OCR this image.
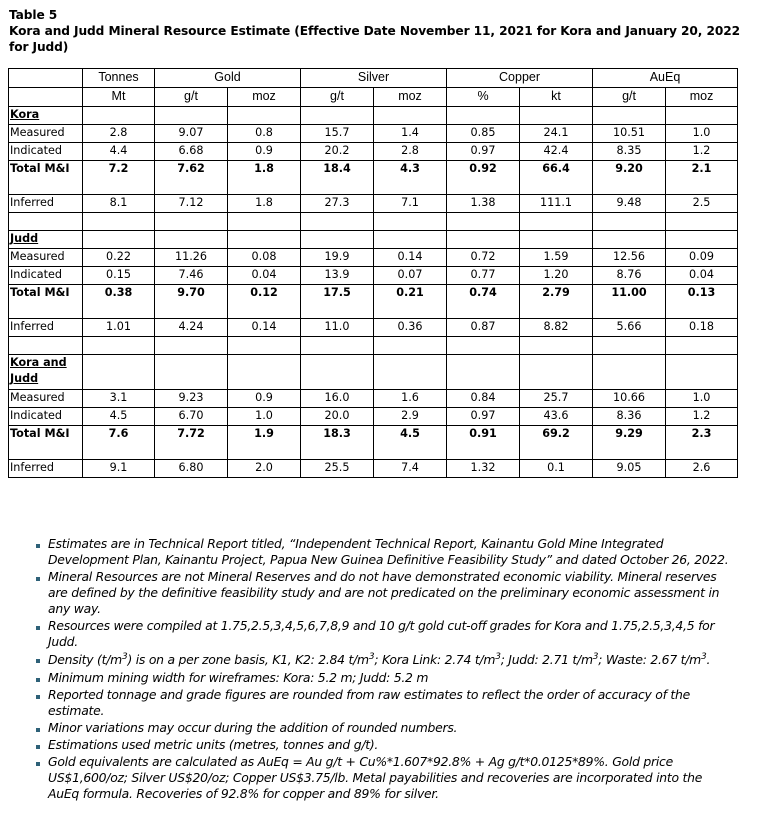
Table 5
Kora and Judd Mineral Resource Estimate (Effective Date November 11, 2021 for Kora and January 20, 2022 for Judd)
	Tonnes	Gold		Silver		Copper		AuEq	
	Mt	g/t	moz	g/t	moz	%	kt	g/t	moz
Kora									
Measured	2.8	9.07	0.8	15.7	1.4	0.85	24.1	10.51	1.0
Indicated	4.4	6.68	0.9	20.2	2.8	0.97	42.4	8.35	1.2
Total M&I	7.2	7.62	1.8	18.4	4.3	0.92	66.4	9.20	2.1
Inferred	8.1	7.12	1.8	27.3	7.1	1.38	111.1	9.48	2.5

Judd									
Measured	0.22	11.26	0.08	19.9	0.14	0.72	1.59	12.56	0.09
Indicated	0.15	7.46	0.04	13.9	0.07	0.77	1.20	8.76	0.04
Total M&I	0.38	9.70	0.12	17.5	0.21	0.74	2.79	11.00	0.13
Inferred	1.01	4.24	0.14	11.0	0.36	0.87	8.82	5.66	0.18

Kora and Judd									
Measured	3.1	9.23	0.9	16.0	1.6	0.84	25.7	10.66	1.0
Indicated	4.5	6.70	1.0	20.0	2.9	0.97	43.6	8.36	1.2
Total M&I	7.6	7.72	1.9	18.3	4.5	0.91	69.2	9.29	2.3
Inferred	9.1	6.80	2.0	25.5	7.4	1.32	0.1	9.05	2.6
Estimates are in Technical Report titled, “Independent Technical Report, Kainantu Gold Mine Integrated Development Plan, Kainantu Project, Papua New Guinea Definitive Feasibility Study” and dated October 26, 2022.
Mineral Resources are not Mineral Reserves and do not have demonstrated economic viability. Mineral reserves are defined by the definitive feasibility study and are not predicated on the preliminary economic assessment in any way.
Resources were compiled at 1.75,2.5,3,4,5,6,7,8,9 and 10 g/t gold cut-off grades for Kora and 1.75,2.5,3,4,5 for Judd.
Density $(t/m^3)$ is on a per zone basis, K1, K2: 2.84 $t/m^3$; Kora Link: 2.74 $t/m^3$; Judd: 2.71 $t/m^3$; Waste: 2.67 $t/m^3$.
Minimum mining width for wireframes: Kora: 5.2 m; Judd: 5.2 m
Reported tonnage and grade figures are rounded from raw estimates to reflect the order of accuracy of the estimate.
Minor variations may occur during the addition of rounded numbers.
Estimations used metric units (metres, tonnes and g/t).
Gold equivalents are calculated as AuEq = Au g/t + Cu%*1.607*92.8% + Ag g/t*0.0125*89%. Gold price US$1,600/oz; Silver US$20/oz; Copper US$3.75/lb. Metal payabilities and recoveries are incorporated into the AuEq formula. Recoveries of 92.8% for copper and 89% for silver.
